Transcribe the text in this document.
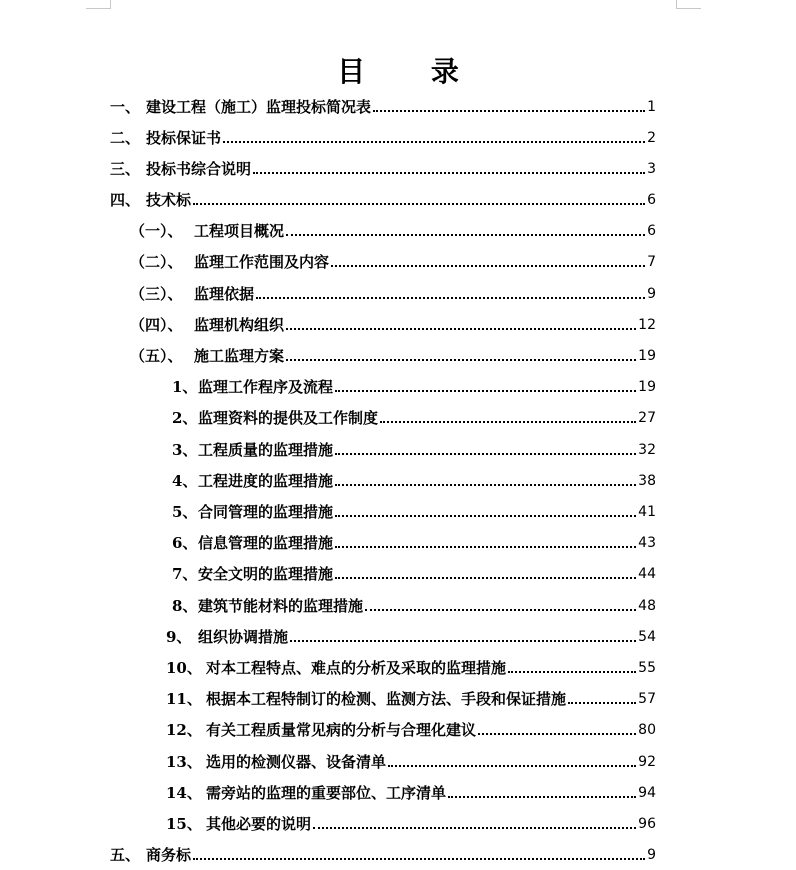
目 录
一、 建设工程（施工）监理投标简况表	1
二、 投标保证书	2
三、 投标书综合说明	3
四、 技术标	6
（一）、 工程项目概况	6
（二）、 监理工作范围及内容	7
（三）、 监理依据	9
（四）、 监理机构组织	12
（五）、 施工监理方案	19
1、 监理工作程序及流程	19
2、 监理资料的提供及工作制度	27
3、 工程质量的监理措施	32
4、 工程进度的监理措施	38
5、 合同管理的监理措施	41
6、 信息管理的监理措施	43
7、 安全文明的监理措施	44
8、 建筑节能材料的监理措施	48
9、 组织协调措施	54
10、 对本工程特点、难点的分析及采取的监理措施	55
11、 根据本工程特制订的检测、监测方法、手段和保证措施	57
12、 有关工程质量常见病的分析与合理化建议	80
13、 选用的检测仪器、设备清单	92
14、 需旁站的监理的重要部位、工序清单	94
15、 其他必要的说明	96
五、 商务标	9
